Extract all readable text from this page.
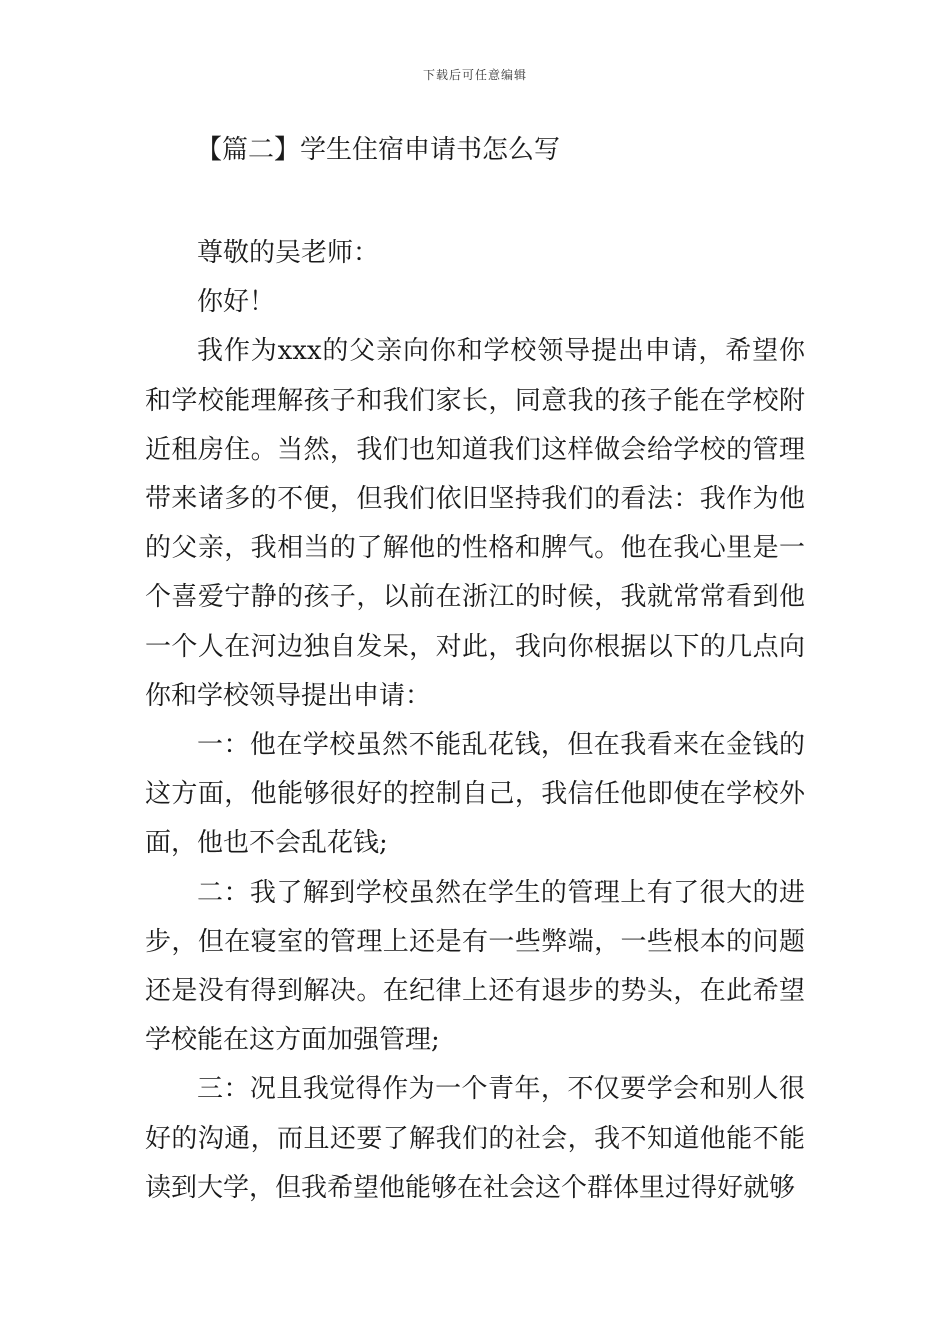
下载后可任意编辑
【篇二】学生住宿申请书怎么写

尊敬的吴老师：

你好！

我作为xxx的父亲向你和学校领导提出申请，希望你和学校能理解孩子和我们家长，同意我的孩子能在学校附近租房住。当然，我们也知道我们这样做会给学校的管理带来诸多的不便，但我们依旧坚持我们的看法：我作为他的父亲，我相当的了解他的性格和脾气。他在我心里是一个喜爱宁静的孩子，以前在浙江的时候，我就常常看到他一个人在河边独自发呆，对此，我向你根据以下的几点向你和学校领导提出申请：

一：他在学校虽然不能乱花钱，但在我看来在金钱的这方面，他能够很好的控制自己，我信任他即使在学校外面，他也不会乱花钱;

二：我了解到学校虽然在学生的管理上有了很大的进步，但在寝室的管理上还是有一些弊端，一些根本的问题还是没有得到解决。在纪律上还有退步的势头，在此希望学校能在这方面加强管理;

三：况且我觉得作为一个青年，不仅要学会和别人很好的沟通，而且还要了解我们的社会，我不知道他能不能读到大学，但我希望他能够在社会这个群体里过得好就够
